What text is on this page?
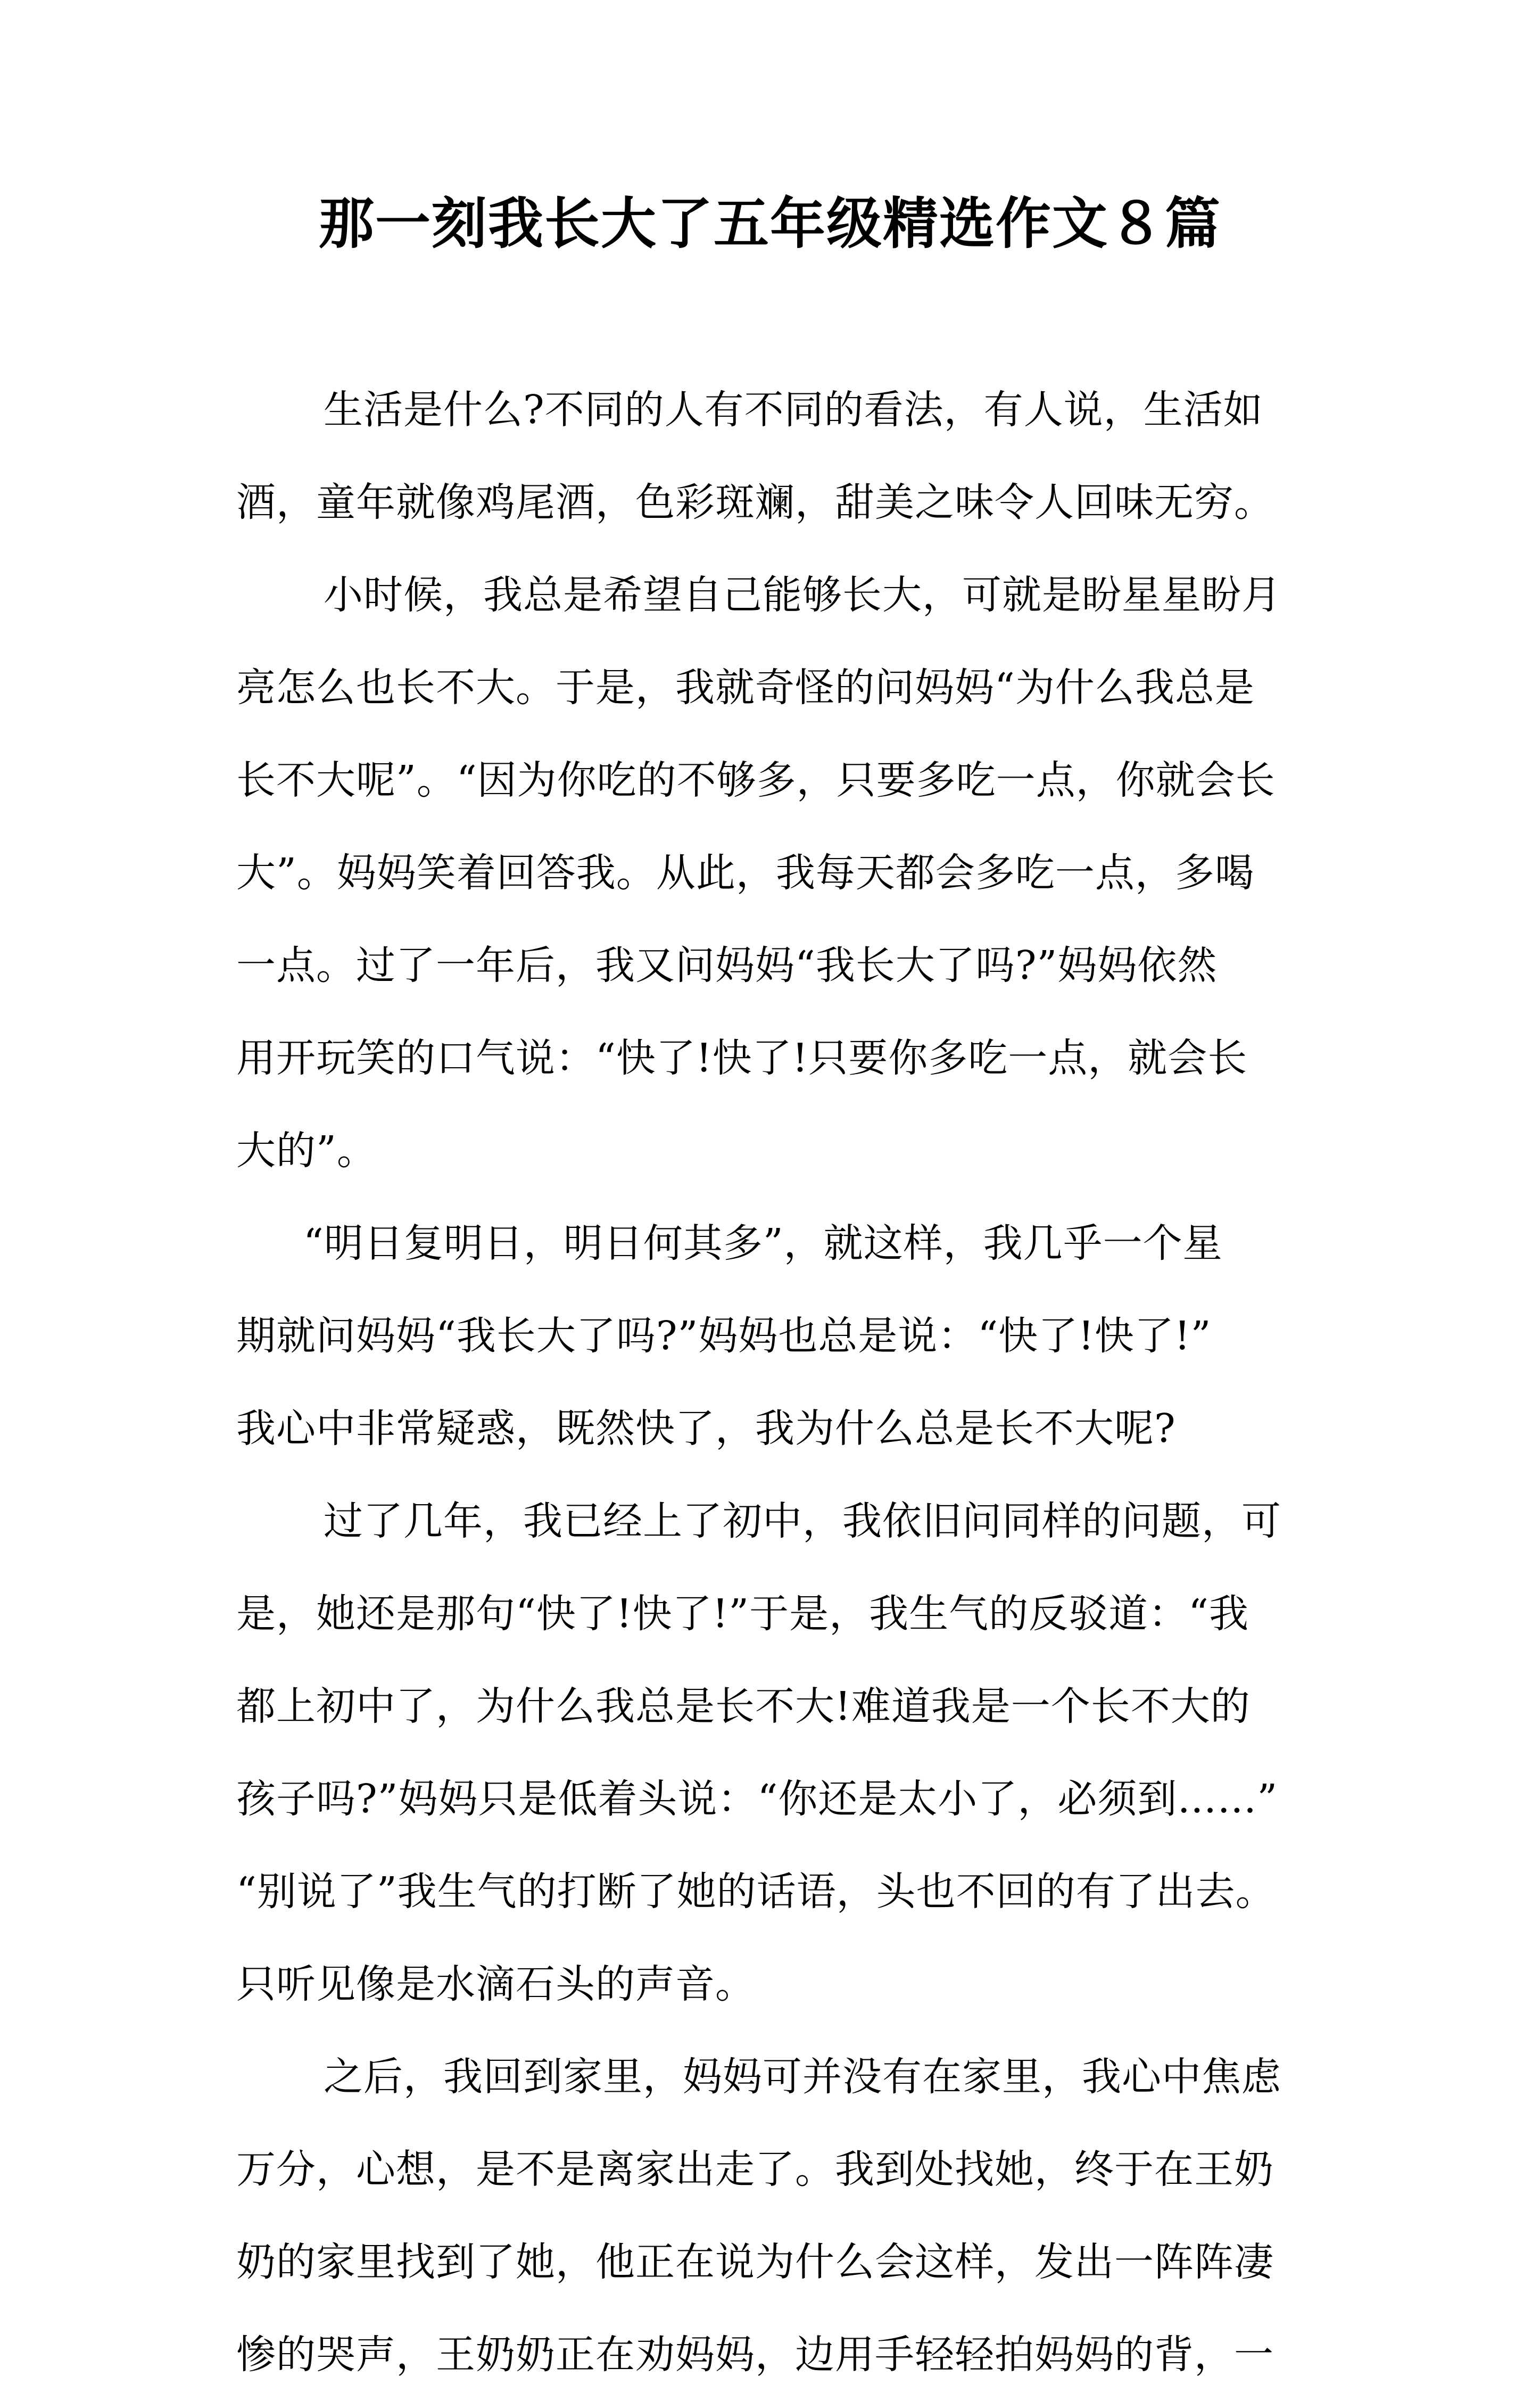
那一刻我长大了五年级精选作文８篇
生活是什么?不同的人有不同的看法，有人说，生活如
酒，童年就像鸡尾酒，色彩斑斓，甜美之味令人回味无穷。
小时候，我总是希望自己能够长大，可就是盼星星盼月
亮怎么也长不大。于是，我就奇怪的问妈妈“为什么我总是
长不大呢”。“因为你吃的不够多，只要多吃一点，你就会长
大”。妈妈笑着回答我。从此，我每天都会多吃一点，多喝
一点。过了一年后，我又问妈妈“我长大了吗?”妈妈依然
用开玩笑的口气说：“快了!快了!只要你多吃一点，就会长
大的”。
“明日复明日，明日何其多”，就这样，我几乎一个星
期就问妈妈“我长大了吗?”妈妈也总是说：“快了!快了!”
我心中非常疑惑，既然快了，我为什么总是长不大呢?
过了几年，我已经上了初中，我依旧问同样的问题，可
是，她还是那句“快了!快了!”于是，我生气的反驳道：“我
都上初中了，为什么我总是长不大!难道我是一个长不大的
孩子吗?”妈妈只是低着头说：“你还是太小了，必须到……”
“别说了”我生气的打断了她的话语，头也不回的有了出去。
只听见像是水滴石头的声音。
之后，我回到家里，妈妈可并没有在家里，我心中焦虑
万分，心想，是不是离家出走了。我到处找她，终于在王奶
奶的家里找到了她，他正在说为什么会这样，发出一阵阵凄
惨的哭声，王奶奶正在劝妈妈，边用手轻轻拍妈妈的背，一
